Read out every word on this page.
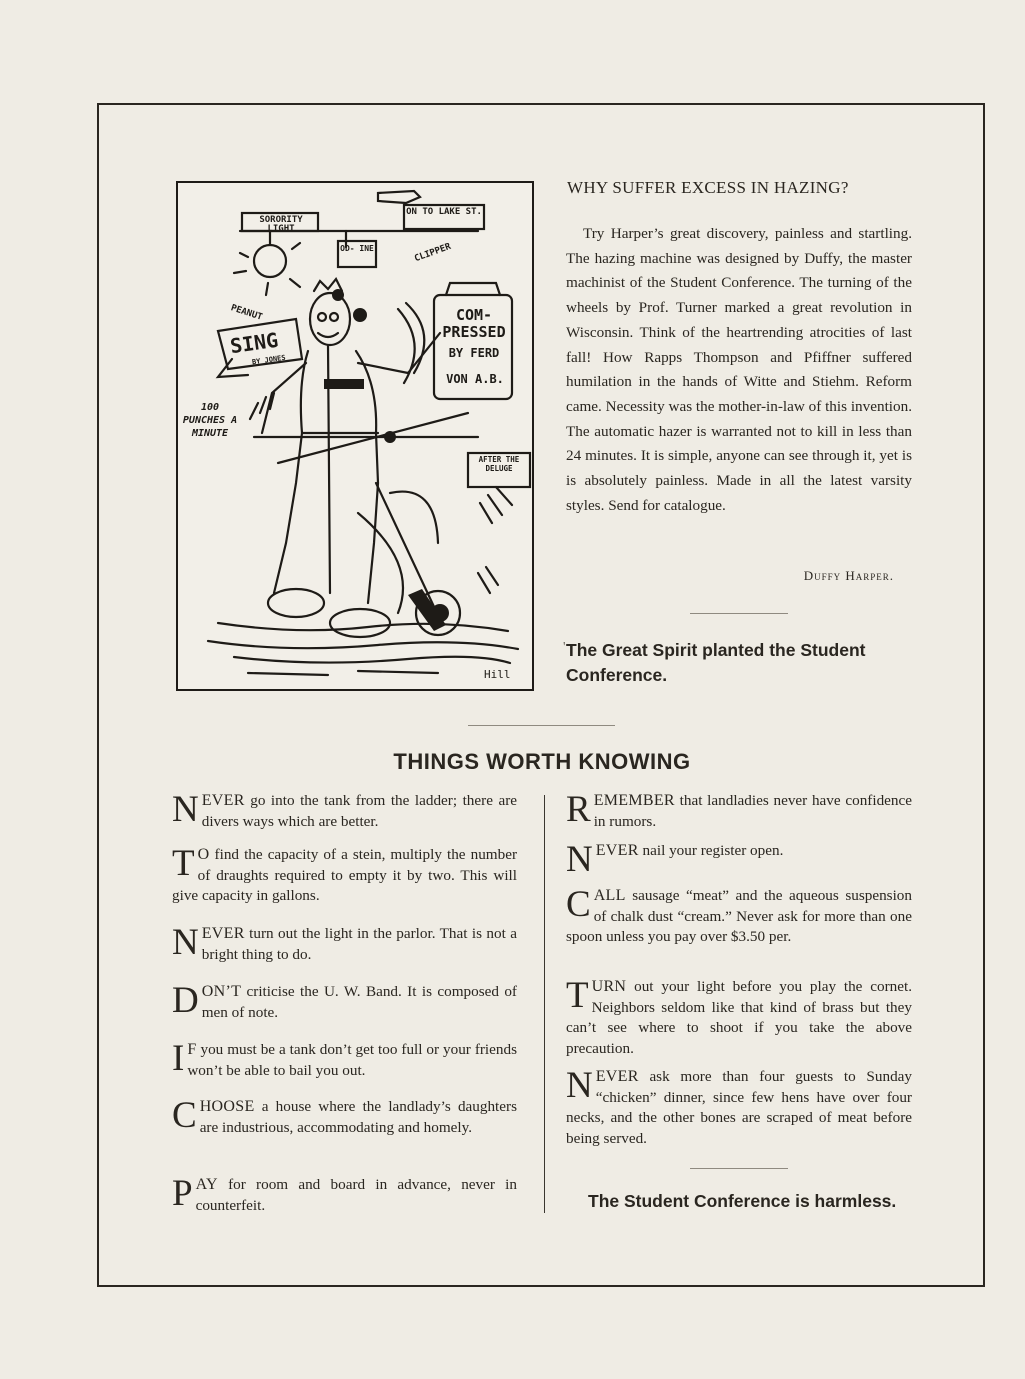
SORORITY LIGHT
ON TO LAKE ST.
OD- INE	CLIPPER
PEANUT
SING
BY JONES
COM- PRESSED
BY FERD
VON A.B.
100 PUNCHES A MINUTE
AFTER THE DELUGE
Hill
WHY SUFFER EXCESS IN HAZING?

Try Harper’s great discovery, painless and startling. The hazing machine was designed by Duffy, the master machinist of the Student Conference. The turning of the wheels by Prof. Turner marked a great revolution in Wisconsin. Think of the heartrending atrocities of last fall! How Rapps Thompson and Pfiffner suffered humilation in the hands of Witte and Stiehm. Reform came. Necessity was the mother-in-law of this invention. The automatic hazer is warranted not to kill in less than 24 minutes. It is simple, anyone can see through it, yet is is absolutely painless. Made in all the latest varsity styles. Send for catalogue.

Duffy Harper.
' The Great Spirit planted the Student Conference.
THINGS WORTH KNOWING
NEVER go into the tank from the ladder; there are divers ways which are better.
T O find the capacity of a stein, multiply the number of draughts required to empty it by two. This will give capacity in gallons.
NEVER turn out the light in the parlor. That is not a bright thing to do.
DON’T criticise the U. W. Band. It is composed of men of note.
I F you must be a tank don’t get too full or your friends won’t be able to bail you out.
CHOOSE a house where the landlady’s daughters are industrious, accommodating and homely.
PAY for room and board in advance, never in counterfeit.
REMEMBER that landladies never have confidence in rumors.
NEVER nail your register open.
CALL sausage “meat” and the aqueous suspension of chalk dust “cream.” Never ask for more than one spoon unless you pay over $3.50 per.
TURN out your light before you play the cornet. Neighbors seldom like that kind of brass but they can’t see where to shoot if you take the above precaution.
NEVER ask more than four guests to Sunday “chicken” dinner, since few hens have over four necks, and the other bones are scraped of meat before being served.
The Student Conference is harmless.
